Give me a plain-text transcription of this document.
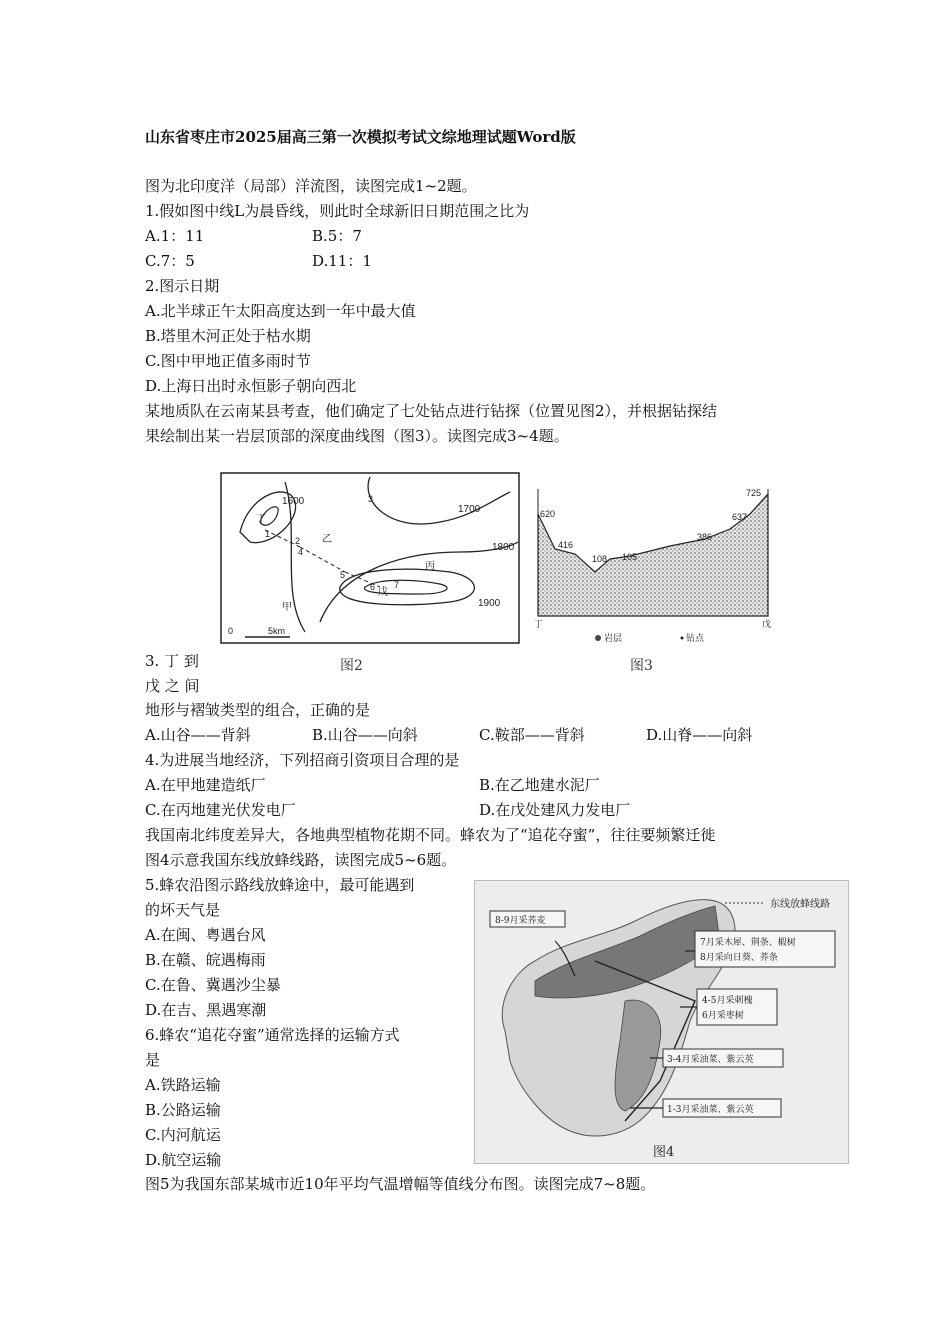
山东省枣庄市2025届高三第一次模拟考试文综地理试题Word版
图为北印度洋（局部）洋流图，读图完成1~2题。
1.假如图中线L为晨昏线，则此时全球新旧日期范围之比为
A.1：11	B.5：7
C.7：5	D.11：1
2.图示日期
A.北半球正午太阳高度达到一年中最大值
B.塔里木河正处于枯水期
C.图中甲地正值多雨时节
D.上海日出时永恒影子朝向西北
某地质队在云南某县考查，他们确定了七处钻点进行钻探（位置见图2），并根据钻探结
果绘制出某一岩层顶部的深度曲线图（图3）。读图完成3~4题。
1600
1700
1800
1900
乙
丙
甲
戊
丁
1
2
3
4
5
6 7
0	5km
图2
620
416
108 105
386
637
725
丁	戊
岩层	钻点
图3
3. 丁 到
戊 之 间
地形与褶皱类型的组合，正确的是
A.山谷——背斜	B.山谷——向斜	C.鞍部——背斜	D.山脊——向斜
4.为进展当地经济，下列招商引资项目合理的是
A.在甲地建造纸厂	B.在乙地建水泥厂
C.在丙地建光伏发电厂	D.在戊处建风力发电厂
我国南北纬度差异大，各地典型植物花期不同。蜂农为了“追花夺蜜”，往往要频繁迁徙
图4示意我国东线放蜂线路，读图完成5~6题。
5.蜂农沿图示路线放蜂途中，最可能遇到
的坏天气是
A.在闽、粤遇台风
B.在赣、皖遇梅雨
C.在鲁、冀遇沙尘暴
D.在吉、黑遇寒潮
6.蜂农“追花夺蜜”通常选择的运输方式
是
A.铁路运输
B.公路运输
C.内河航运
D.航空运输
东线放蜂线路
8-9月采荞麦
7月采木犀、荆条、椴树
8月采向日葵、荞条
4-5月采刺槐
6月采枣树
3-4月采油菜、紫云英
1-3月采油菜、紫云英
图4
图5为我国东部某城市近10年平均气温增幅等值线分布图。读图完成7~8题。
